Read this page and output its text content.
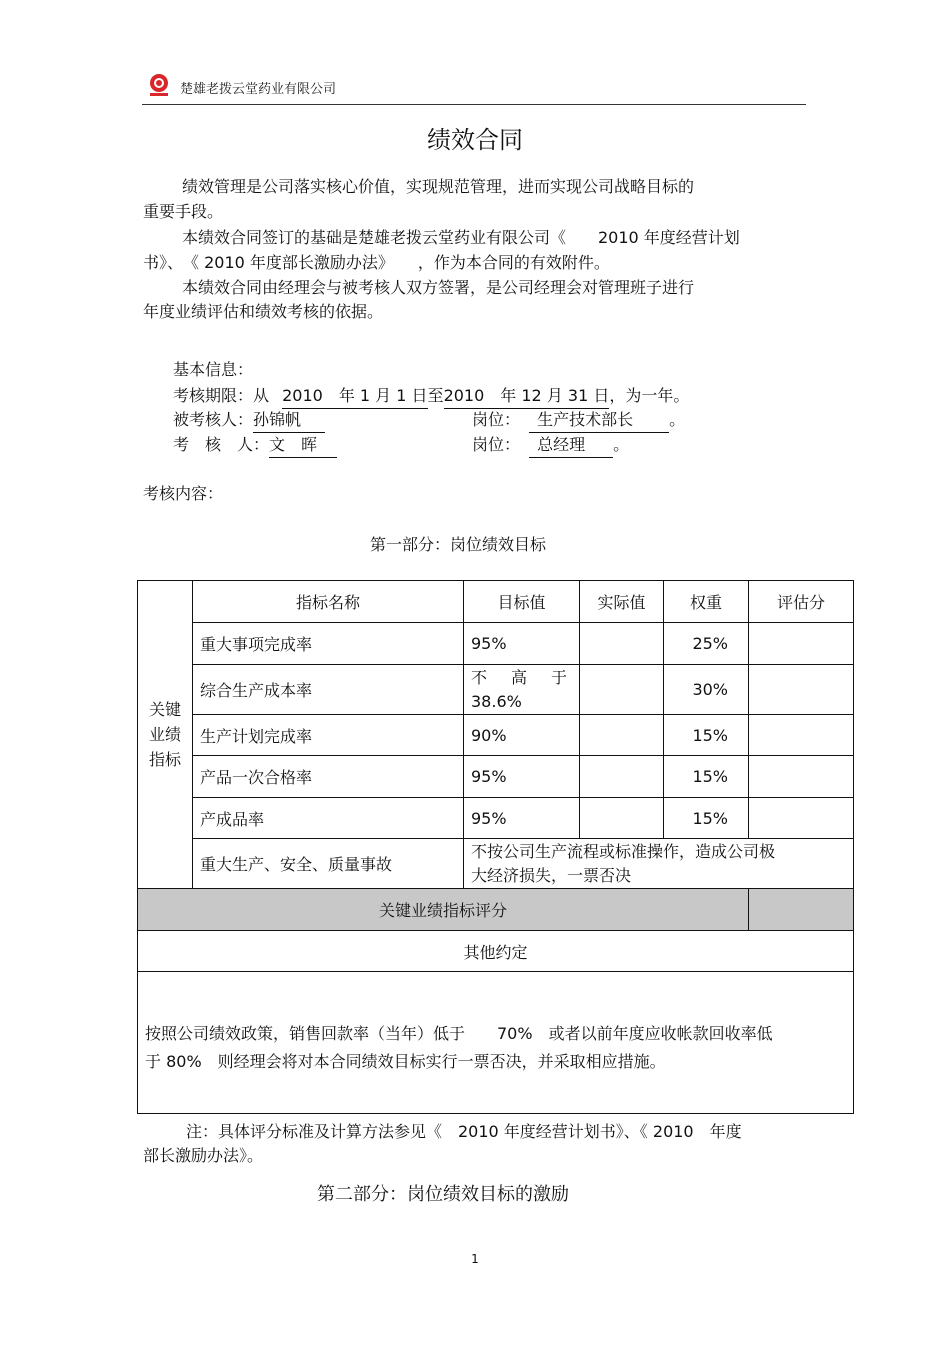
楚雄老拨云堂药业有限公司
绩效合同
绩效管理是公司落实核心价值，实现规范管理，进而实现公司战略目标的
重要手段。
本绩效合同签订的基础是楚雄老拨云堂药业有限公司《　　2010 年度经营计划
书》、　《 2010 年度部长激励办法》　　，作为本合同的有效附件。
本绩效合同由经理会与被考核人双方签署，是公司经理会对管理班子进行
年度业绩评估和绩效考核的依据。
基本信息：
考核期限：从 2010　年 1 月 1 日至2010　年 12 月 31 日，为一年。
被考核人：孙锦帆	岗位： 生产技术部长 。
考　核　人：文　晖	岗位： 总经理 。
考核内容：
第一部分：岗位绩效目标
关键
业绩
指标	指标名称	目标值	实际值	权重	评估分
	重大事项完成率	95%		25%	
	综合生产成本率	不 高 于
38.6%		30%	
	生产计划完成率	90%		15%	
	产品一次合格率	95%		15%	
	产成品率	95%		15%	
	重大生产、安全、质量事故	不按公司生产流程或标准操作，造成公司极
大经济损失，一票否决			

关键业绩指标评分					
其他约定					

按照公司绩效政策，销售回款率（当年）低于　　70%　或者以前年度应收帐款回收率低
于 80%　则经理会将对本合同绩效目标实行一票否决，并采取相应措施。					
注：具体评分标准及计算方法参见《　2010 年度经营计划书》、《 2010　年度
部长激励办法》。
第二部分：岗位绩效目标的激励
1
